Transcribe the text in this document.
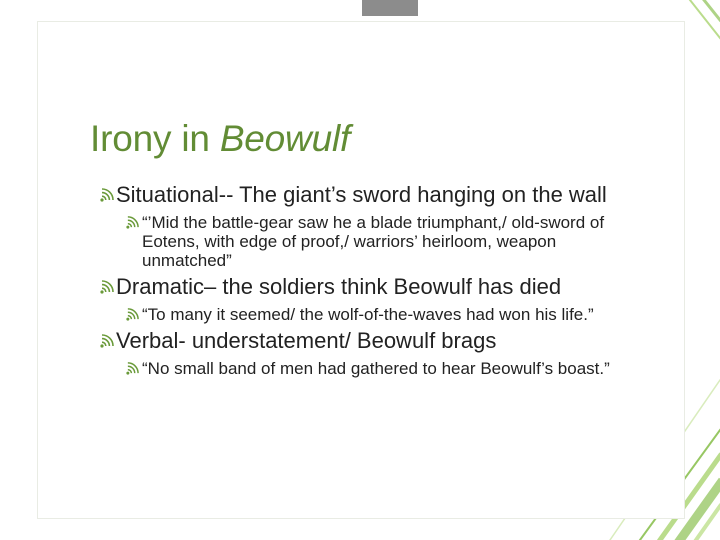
Irony in Beowulf
Situational-- The giant’s sword hanging on the wall
“’Mid the battle-gear saw he a blade triumphant,/ old-sword of Eotens, with edge of proof,/ warriors’ heirloom, weapon unmatched”
Dramatic– the soldiers think Beowulf has died
“To many it seemed/ the wolf-of-the-waves had won his life.”
Verbal- understatement/ Beowulf brags
“No small band of men had gathered to hear Beowulf’s boast.”
